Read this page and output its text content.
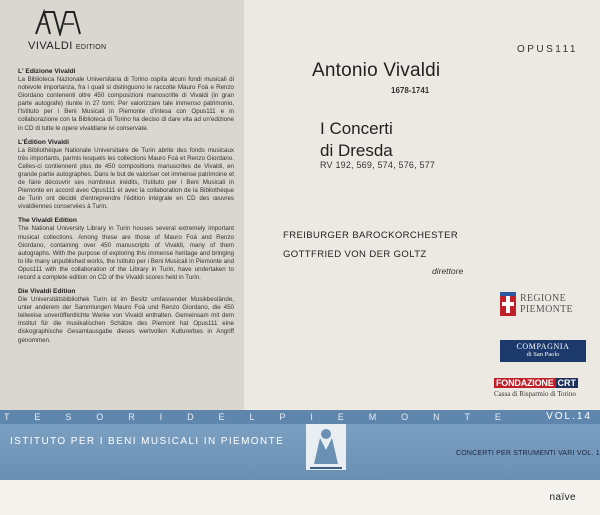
VIVALDI EDITION
L' Edizione Vivaldi

La Biblioteca Nazionale Universitaria di Torino ospita alcuni fondi musicali di notevole importanza, fra i quali si distinguono le raccolte Mauro Foà e Renzo Giordano contenenti oltre 450 composizioni manoscritte di Vivaldi (in gran parte autografe) riunite in 27 tomi. Per valorizzare tale immenso patrimonio, l'Istituto per i Beni Musicali in Piemonte d'intesa con Opus111 e in collaborazione con la Biblioteca di Torino ha deciso di dare vita ad un'edizione in CD di tutte le opere vivaldiane ivi conservate.

L'Édition Vivaldi

La Bibliothèque Nationale Universitaire de Turin abrite des fonds musicaux très importants, parmis lesquels les collections Mauro Foà et Renzo Giordano. Celles-ci contiennent plus de 450 compositions manuscrites de Vivaldi, en grande partie autographes. Dans le but de valoriser cet immense patrimoine et de faire découvrir ses nombreux inédits, l'Istituto per i Beni Musicali in Piemonte en accord avec Opus111 et avec la collaboration de la Bibliothèque de Turin ont décidé d'entreprendre l'édition intégrale en CD des œuvres vivaldiennes conservées à Turin.

The Vivaldi Edition

The National University Library in Turin houses several extremely important musical collections. Among these are those of Mauro Foà and Renzo Giordano, containing over 450 manuscripts of Vivaldi, many of them autographs. With the purpose of exploring this immense heritage and bringing to life many unpublished works, the Istituto per i Beni Musicali in Piemonte and Opus111 with the collaboration of the Library in Turin, have undertaken to record a complete edition on CD of the Vivaldi scores held in Turin.

Die Vivaldi Edition

Die Universitätsbibliothek Turin ist im Besitz umfassender Musikbestände, unter anderem der Sammlungen Mauro Foà und Renzo Giordano, die 450 teilweise unveröffentlichte Werke von Vivaldi enthalten. Gemeinsam mit dem Institut für die musikalischen Schätze des Piemont hat Opus111 eine diskographische Gesamtausgabe dieses wertvollen Kulturerbes in Angriff genommen.

OPUS111
Antonio Vivaldi
1678-1741
I Concerti
di Dresda
RV 192, 569, 574, 576, 577
FREIBURGER BAROCKORCHESTER
GOTTFRIED VON DER GOLTZ
direttore
REGIONE
PIEMONTE
COMPAGNIA
di San Paolo
FONDAZIONE CRT
Cassa di Risparmio di Torino
T	E	S	O	R	I	D	E	L	P	I	E	M	O	N	T	E	VOL.14
ISTITUTO PER I BENI MUSICALI IN PIEMONTE
CONCERTI PER STRUMENTI VARI VOL. 1
naïve
